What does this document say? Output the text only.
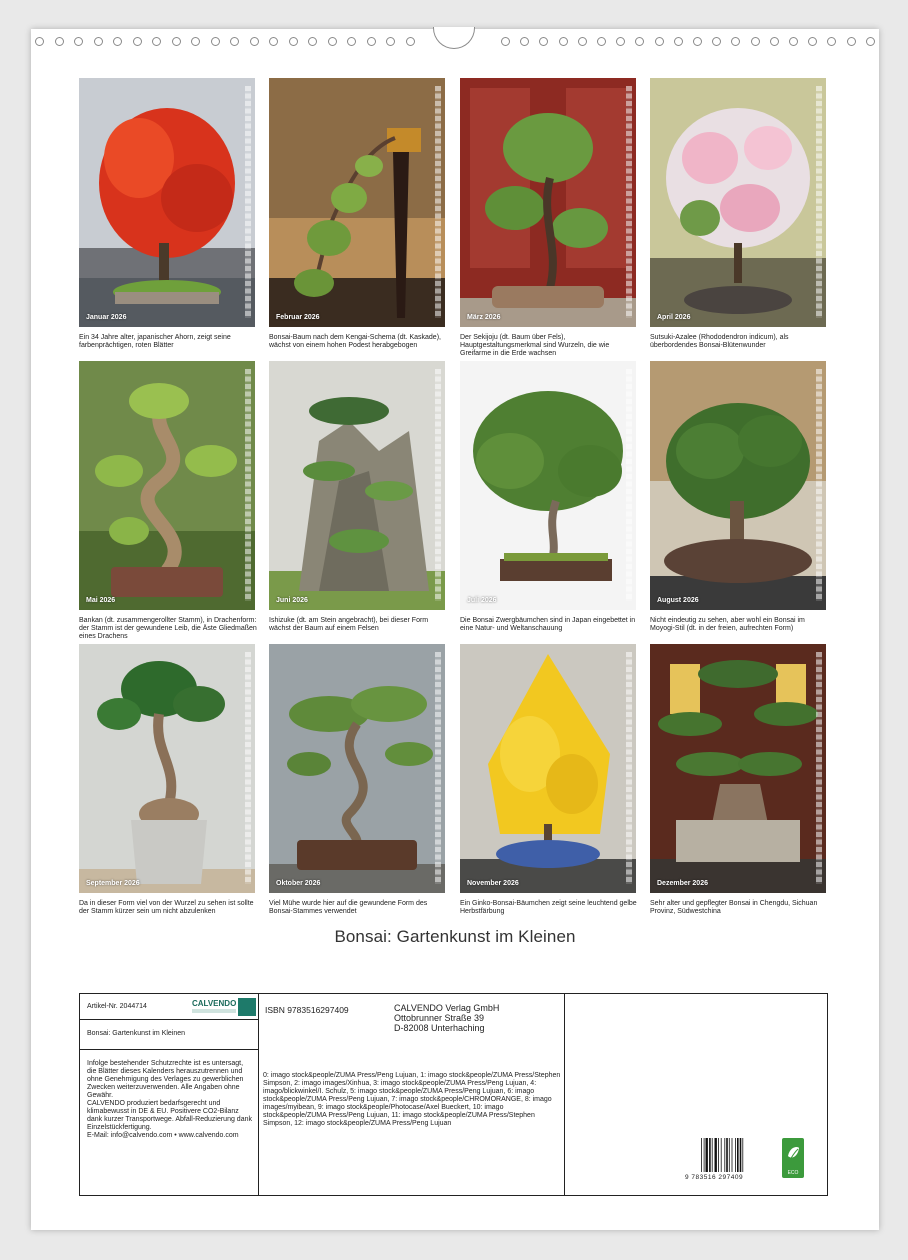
Januar 2026
Ein 34 Jahre alter, japanischer Ahorn, zeigt seine farbenprächtigen, roten Blätter
Februar 2026
Bonsai-Baum nach dem Kengai-Schema (dt. Kaskade), wächst von einem hohen Podest herabgebogen
März 2026
Der Sekijoju (dt. Baum über Fels), Hauptgestaltungsmerkmal sind Wurzeln, die wie Greifarme in die Erde wachsen
April 2026
Sutsuki-Azalee (Rhododendron indicum), als überbordendes Bonsai-Blütenwunder
Mai 2026
Bankan (dt. zusammengerollter Stamm), in Drachenform: der Stamm ist der gewundene Leib, die Äste Gliedmaßen eines Drachens
Juni 2026
Ishizuke (dt. am Stein angebracht), bei dieser Form wächst der Baum auf einem Felsen
Juli 2026
Die Bonsai Zwergbäumchen sind in Japan eingebettet in eine Natur- und Weltanschauung
August 2026
Nicht eindeutig zu sehen, aber wohl ein Bonsai im Moyogi-Stil (dt. in der freien, aufrechten Form)
September 2026
Da in dieser Form viel von der Wurzel zu sehen ist sollte der Stamm kürzer sein um nicht abzulenken
Oktober 2026
Viel Mühe wurde hier auf die gewundene Form des Bonsai-Stammes verwendet
November 2026
Ein Ginko-Bonsai-Bäumchen zeigt seine leuchtend gelbe Herbstfärbung
Dezember 2026
Sehr alter und gepflegter Bonsai in Chengdu, Sichuan Provinz, Südwestchina
Bonsai: Gartenkunst im Kleinen
Artikel-Nr. 2044714	CALVENDO
Bonsai: Gartenkunst im Kleinen
Infolge bestehender Schutzrechte ist es untersagt, die Blätter dieses Kalenders herauszutrennen und ohne Genehmigung des Verlages zu gewerblichen Zwecken weiterzuverwenden. Alle Angaben ohne Gewähr.
CALVENDO produziert bedarfsgerecht und klimabewusst in DE & EU. Positivere CO2-Bilanz dank kurzer Transportwege. Abfall-Reduzierung dank Einzelstückfertigung.
E-Mail: info@calvendo.com • www.calvendo.com
ISBN 9783516297409	CALVENDO Verlag GmbH
Ottobrunner Straße 39
D-82008 Unterhaching
0: imago stock&people/ZUMA Press/Peng Lujuan, 1: imago stock&people/ZUMA Press/Stephen Simpson, 2: imago images/Xinhua, 3: imago stock&people/ZUMA Press/Peng Lujuan, 4: imago/blickwinkel/I. Schulz, 5: imago stock&people/ZUMA Press/Peng Lujuan, 6: imago stock&people/ZUMA Press/Peng Lujuan, 7: imago stock&people/CHROMORANGE, 8: imago images/myibean, 9: imago stock&people/Photocase/Axel Bueckert, 10: imago stock&people/ZUMA Press/Peng Lujuan, 11: imago stock&people/ZUMA Press/Stephen Simpson, 12: imago stock&people/ZUMA Press/Peng Lujuan
9 783516 297409
ECO
